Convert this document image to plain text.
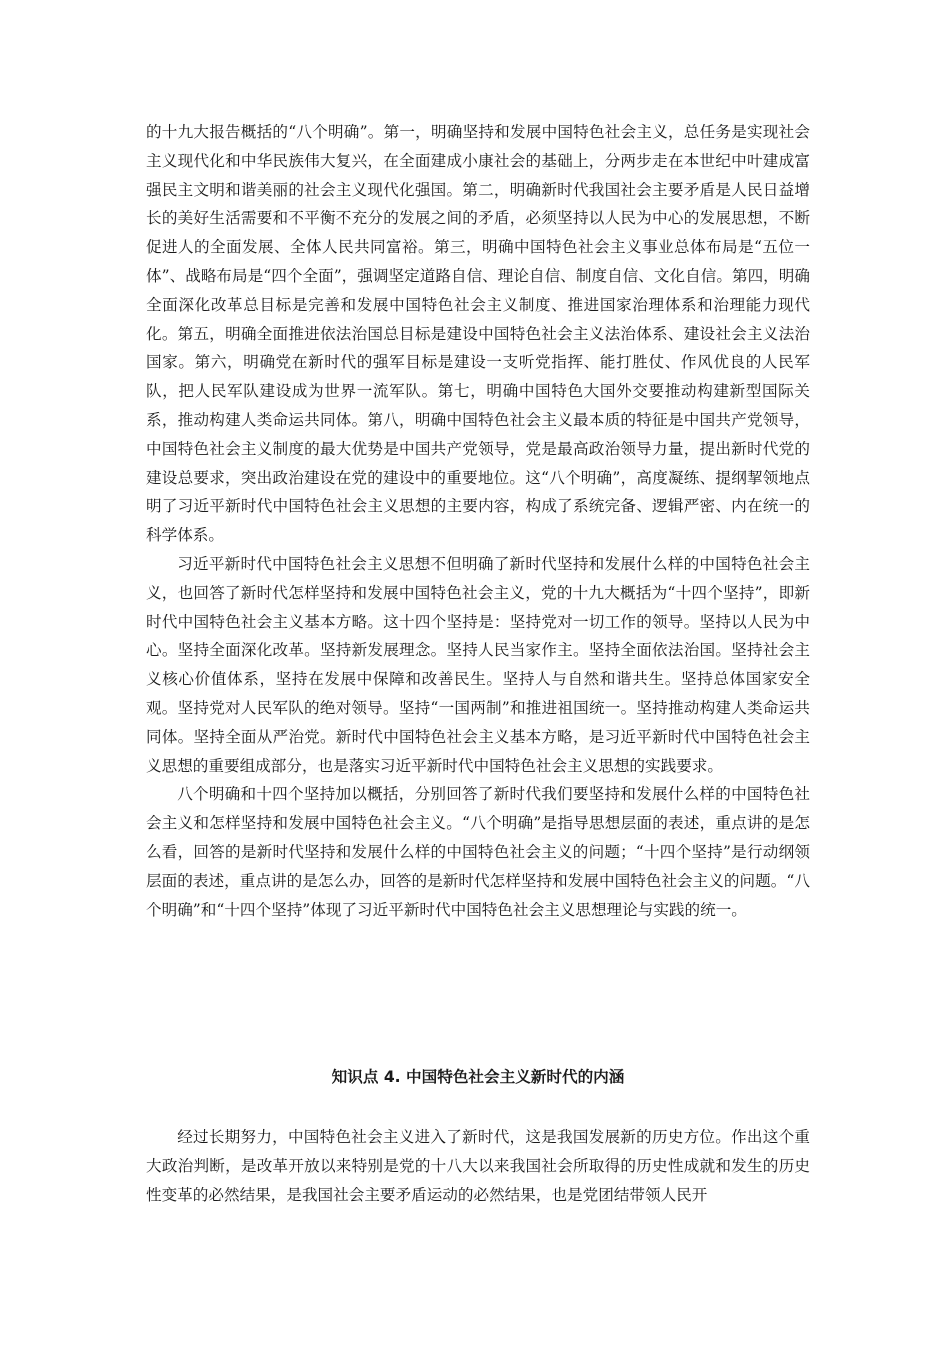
的十九大报告概括的“八个明确”。第一，明确坚持和发展中国特色社会主义，总任务是实现社会主义现代化和中华民族伟大复兴，在全面建成小康社会的基础上，分两步走在本世纪中叶建成富强民主文明和谐美丽的社会主义现代化强国。第二，明确新时代我国社会主要矛盾是人民日益增长的美好生活需要和不平衡不充分的发展之间的矛盾，必须坚持以人民为中心的发展思想，不断促进人的全面发展、全体人民共同富裕。第三，明确中国特色社会主义事业总体布局是“五位一体”、战略布局是“四个全面”，强调坚定道路自信、理论自信、制度自信、文化自信。第四，明确全面深化改革总目标是完善和发展中国特色社会主义制度、推进国家治理体系和治理能力现代化。第五，明确全面推进依法治国总目标是建设中国特色社会主义法治体系、建设社会主义法治国家。第六，明确党在新时代的强军目标是建设一支听党指挥、能打胜仗、作风优良的人民军队，把人民军队建设成为世界一流军队。第七，明确中国特色大国外交要推动构建新型国际关系，推动构建人类命运共同体。第八，明确中国特色社会主义最本质的特征是中国共产党领导，中国特色社会主义制度的最大优势是中国共产党领导，党是最高政治领导力量，提出新时代党的建设总要求，突出政治建设在党的建设中的重要地位。这“八个明确”，高度凝练、提纲挈领地点明了习近平新时代中国特色社会主义思想的主要内容，构成了系统完备、逻辑严密、内在统一的科学体系。

习近平新时代中国特色社会主义思想不但明确了新时代坚持和发展什么样的中国特色社会主义，也回答了新时代怎样坚持和发展中国特色社会主义，党的十九大概括为“十四个坚持”，即新时代中国特色社会主义基本方略。这十四个坚持是：坚持党对一切工作的领导。坚持以人民为中心。坚持全面深化改革。坚持新发展理念。坚持人民当家作主。坚持全面依法治国。坚持社会主义核心价值体系，坚持在发展中保障和改善民生。坚持人与自然和谐共生。坚持总体国家安全观。坚持党对人民军队的绝对领导。坚持“一国两制”和推进祖国统一。坚持推动构建人类命运共同体。坚持全面从严治党。新时代中国特色社会主义基本方略，是习近平新时代中国特色社会主义思想的重要组成部分，也是落实习近平新时代中国特色社会主义思想的实践要求。

八个明确和十四个坚持加以概括，分别回答了新时代我们要坚持和发展什么样的中国特色社会主义和怎样坚持和发展中国特色社会主义。“八个明确”是指导思想层面的表述，重点讲的是怎么看，回答的是新时代坚持和发展什么样的中国特色社会主义的问题；“十四个坚持”是行动纲领层面的表述，重点讲的是怎么办，回答的是新时代怎样坚持和发展中国特色社会主义的问题。“八个明确”和“十四个坚持”体现了习近平新时代中国特色社会主义思想理论与实践的统一。

知识点 4. 中国特色社会主义新时代的内涵

经过长期努力，中国特色社会主义进入了新时代，这是我国发展新的历史方位。作出这个重大政治判断，是改革开放以来特别是党的十八大以来我国社会所取得的历史性成就和发生的历史性变革的必然结果，是我国社会主要矛盾运动的必然结果，也是党团结带领人民开
